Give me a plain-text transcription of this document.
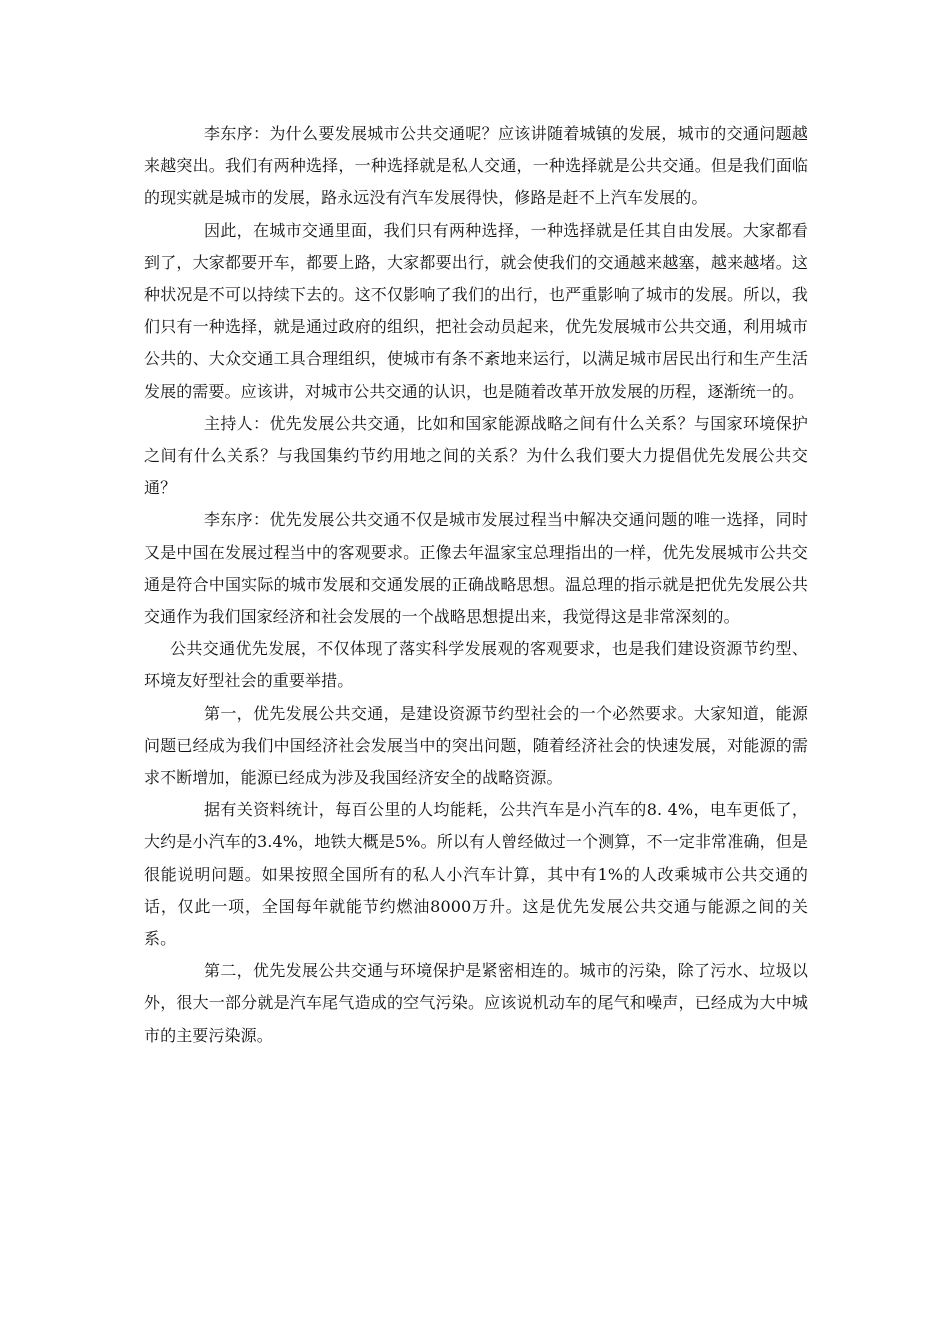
李东序：为什么要发展城市公共交通呢？应该讲随着城镇的发展，城市的交通问题越来越突出。我们有两种选择，一种选择就是私人交通，一种选择就是公共交通。但是我们面临的现实就是城市的发展，路永远没有汽车发展得快，修路是赶不上汽车发展的。

因此，在城市交通里面，我们只有两种选择，一种选择就是任其自由发展。大家都看到了，大家都要开车，都要上路，大家都要出行，就会使我们的交通越来越塞，越来越堵。这种状况是不可以持续下去的。这不仅影响了我们的出行，也严重影响了城市的发展。所以，我们只有一种选择，就是通过政府的组织，把社会动员起来，优先发展城市公共交通，利用城市公共的、大众交通工具合理组织，使城市有条不紊地来运行，以满足城市居民出行和生产生活发展的需要。应该讲，对城市公共交通的认识，也是随着改革开放发展的历程，逐渐统一的。

主持人：优先发展公共交通，比如和国家能源战略之间有什么关系？与国家环境保护之间有什么关系？与我国集约节约用地之间的关系？为什么我们要大力提倡优先发展公共交通？

李东序：优先发展公共交通不仅是城市发展过程当中解决交通问题的唯一选择，同时又是中国在发展过程当中的客观要求。正像去年温家宝总理指出的一样，优先发展城市公共交通是符合中国实际的城市发展和交通发展的正确战略思想。温总理的指示就是把优先发展公共交通作为我们国家经济和社会发展的一个战略思想提出来，我觉得这是非常深刻的。

公共交通优先发展，不仅体现了落实科学发展观的客观要求，也是我们建设资源节约型、环境友好型社会的重要举措。

第一，优先发展公共交通，是建设资源节约型社会的一个必然要求。大家知道，能源问题已经成为我们中国经济社会发展当中的突出问题，随着经济社会的快速发展，对能源的需求不断增加，能源已经成为涉及我国经济安全的战略资源。

据有关资料统计，每百公里的人均能耗，公共汽车是小汽车的8. 4%，电车更低了，大约是小汽车的3.4%，地铁大概是5%。所以有人曾经做过一个测算，不一定非常准确，但是很能说明问题。如果按照全国所有的私人小汽车计算，其中有1%的人改乘城市公共交通的话，仅此一项，全国每年就能节约燃油8000万升。这是优先发展公共交通与能源之间的关系。

第二，优先发展公共交通与环境保护是紧密相连的。城市的污染，除了污水、垃圾以外，很大一部分就是汽车尾气造成的空气污染。应该说机动车的尾气和噪声，已经成为大中城市的主要污染源。
